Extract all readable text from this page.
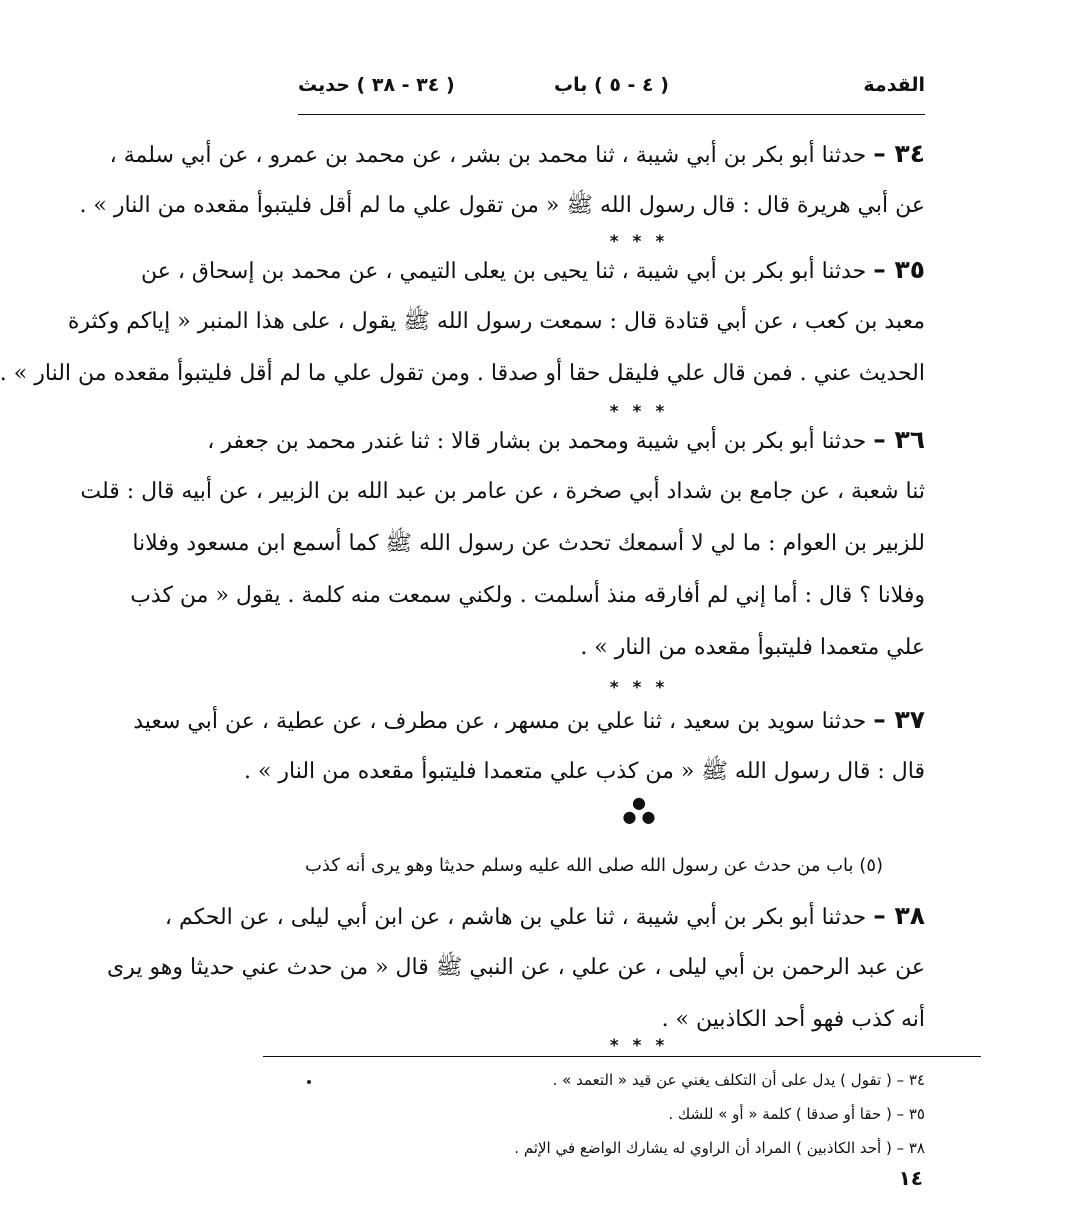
القدمة
( ٤ - ٥ ) باب
( ٣٤ - ٣٨ ) حديث
٣٤ – حدثنا أبو بكر بن أبي شيبة ، ثنا محمد بن بشر ، عن محمد بن عمرو ، عن أبي سلمة ،
عن أبي هريرة قال : قال رسول الله ﷺ « من تقول علي ما لم أقل فليتبوأ مقعده من النار » .
* * *
٣٥ – حدثنا أبو بكر بن أبي شيبة ، ثنا يحيى بن يعلى التيمي ، عن محمد بن إسحاق ، عن
معبد بن كعب ، عن أبي قتادة قال : سمعت رسول الله ﷺ يقول ، على هذا المنبر « إياكم وكثرة
الحديث عني . فمن قال علي فليقل حقا أو صدقا . ومن تقول علي ما لم أقل فليتبوأ مقعده من النار » .
* * *
٣٦ – حدثنا أبو بكر بن أبي شيبة ومحمد بن بشار قالا : ثنا غندر محمد بن جعفر ،
ثنا شعبة ، عن جامع بن شداد أبي صخرة ، عن عامر بن عبد الله بن الزبير ، عن أبيه قال : قلت
للزبير بن العوام : ما لي لا أسمعك تحدث عن رسول الله ﷺ كما أسمع ابن مسعود وفلانا
وفلانا ؟ قال : أما إني لم أفارقه منذ أسلمت . ولكني سمعت منه كلمة . يقول « من كذب
علي متعمدا فليتبوأ مقعده من النار » .
* * *
٣٧ – حدثنا سويد بن سعيد ، ثنا علي بن مسهر ، عن مطرف ، عن عطية ، عن أبي سعيد
قال : قال رسول الله ﷺ « من كذب علي متعمدا فليتبوأ مقعده من النار » .
●
● ●
(٥) باب من حدث عن رسول الله صلى الله عليه وسلم حديثا وهو يرى أنه كذب
٣٨ – حدثنا أبو بكر بن أبي شيبة ، ثنا علي بن هاشم ، عن ابن أبي ليلى ، عن الحكم ،
عن عبد الرحمن بن أبي ليلى ، عن علي ، عن النبي ﷺ قال « من حدث عني حديثا وهو يرى
أنه كذب فهو أحد الكاذبين » .
* * *
٣٤ – ( تقول ) يدل على أن التكلف يغني عن قيد « التعمد » .
٣٥ – ( حقا أو صدقا ) كلمة « أو » للشك .
٣٨ – ( أحد الكاذبين ) المراد أن الراوي له يشارك الواضع في الإثم .
١٤
